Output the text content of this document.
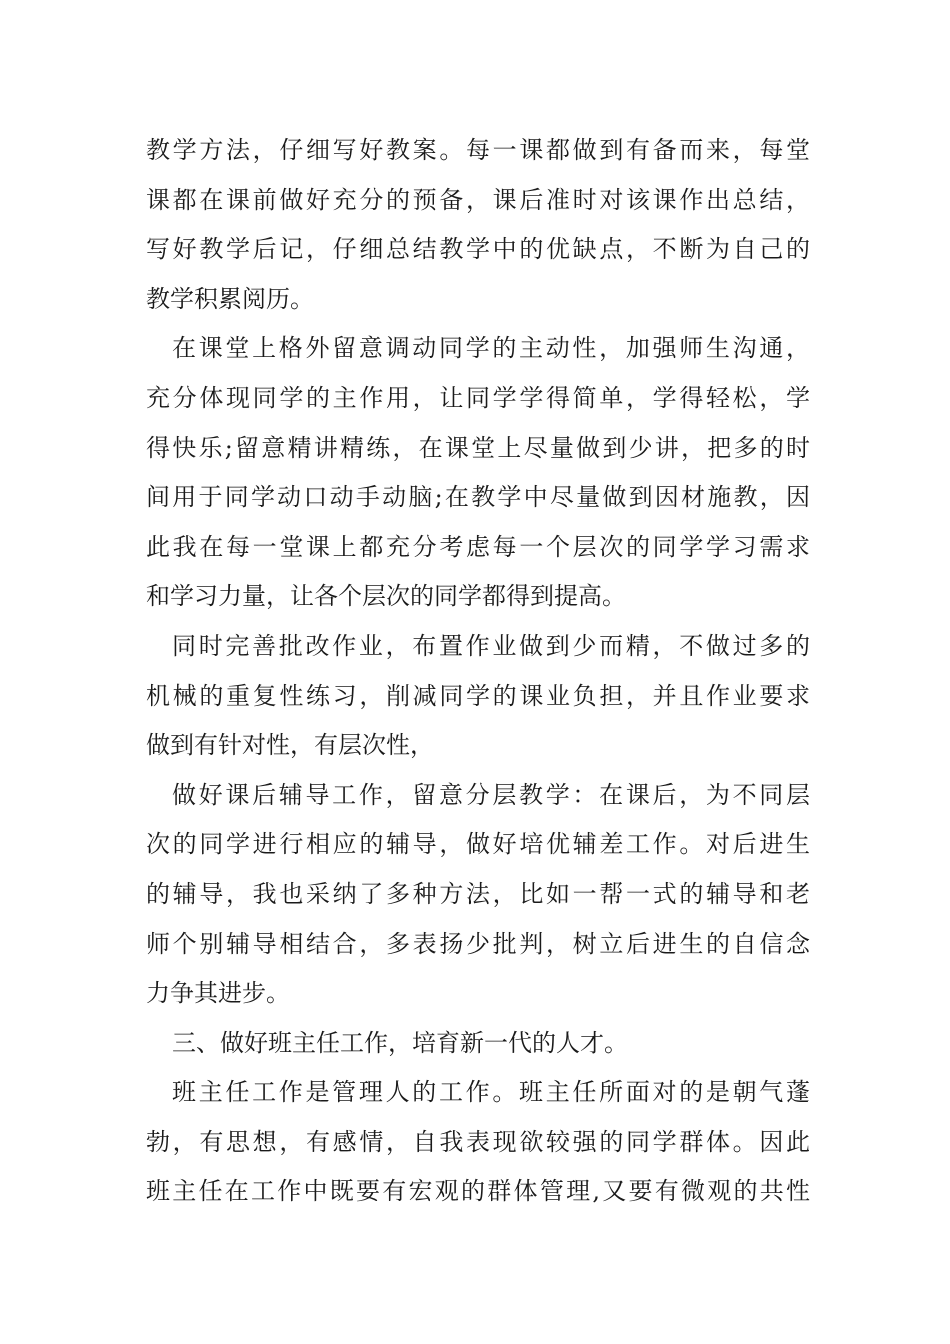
教学方法，仔细写好教案。每一课都做到有备而来，每堂
课都在课前做好充分的预备，课后准时对该课作出总结，
写好教学后记，仔细总结教学中的优缺点，不断为自己的
教学积累阅历。
在课堂上格外留意调动同学的主动性，加强师生沟通，
充分体现同学的主作用，让同学学得简单，学得轻松，学
得快乐;留意精讲精练，在课堂上尽量做到少讲，把多的时
间用于同学动口动手动脑;在教学中尽量做到因材施教，因
此我在每一堂课上都充分考虑每一个层次的同学学习需求
和学习力量，让各个层次的同学都得到提高。
同时完善批改作业，布置作业做到少而精，不做过多的
机械的重复性练习，削减同学的课业负担，并且作业要求
做到有针对性，有层次性，
做好课后辅导工作，留意分层教学：在课后，为不同层
次的同学进行相应的辅导，做好培优辅差工作。对后进生
的辅导，我也采纳了多种方法，比如一帮一式的辅导和老
师个别辅导相结合，多表扬少批判，树立后进生的自信念
力争其进步。
三、做好班主任工作，培育新一代的人才。
班主任工作是管理人的工作。班主任所面对的是朝气蓬
勃，有思想，有感情，自我表现欲较强的同学群体。因此
班主任在工作中既要有宏观的群体管理,又要有微观的共性
